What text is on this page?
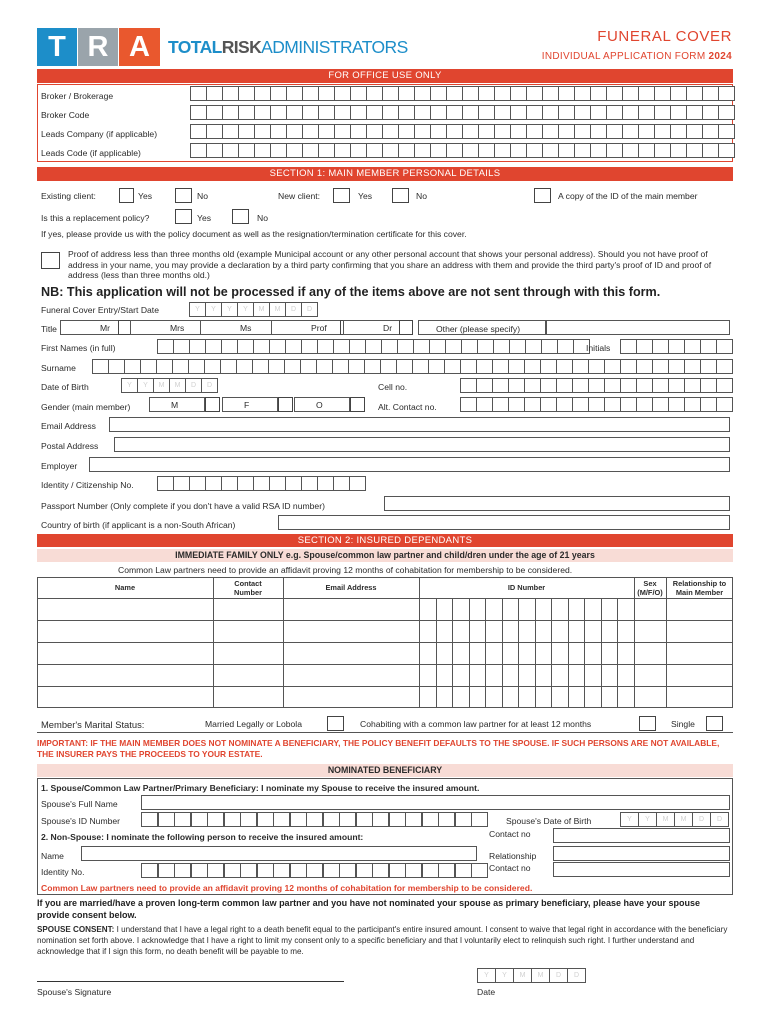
T R A	TOTALRISKADMINISTRATORS
FUNERAL COVER
INDIVIDUAL APPLICATION FORM 2024
FOR OFFICE USE ONLY
Broker / Brokerage
Broker Code
Leads Company (if applicable)
Leads Code (if applicable)
SECTION 1: MAIN MEMBER PERSONAL DETAILS
Existing client:	Yes	No	New client:	Yes	No	A copy of the ID of the main member
Is this a replacement policy?	Yes	No
If yes, please provide us with the policy document as well as the resignation/termination certificate for this cover.
Proof of address less than three months old (example Municipal account or any other personal account that shows your personal address). Should you not have proof of address in your name, you may provide a declaration by a third party confirming that you share an address with them and provide the third party's proof of ID and proof of address (less than three months old.)
NB: This application will not be processed if any of the items above are not sent through with this form.
Funeral Cover Entry/Start Date	Y	Y	Y	Y	M	M	D	D
Title	Mr	Mrs	Ms	Prof	Dr	Other (please specify)
First Names (in full)	Initials
Surname
Date of Birth	Y	Y	M	M	D	D	Cell no.
Gender (main member)	M	F	O	Alt. Contact no.
Email Address
Postal Address
Employer
Identity / Citizenship No.
Passport Number (Only complete if you don't have a valid RSA ID number)
Country of birth (if applicant is a non-South African)
SECTION 2: INSURED DEPENDANTS
IMMEDIATE FAMILY ONLY e.g. Spouse/common law partner and child/dren under the age of 21 years
Common Law partners need to provide an affidavit proving 12 months of cohabitation for membership to be considered.
Name	Contact
Number
Email Address	ID Number	Sex
(M/F/O)
Relationship to
Main Member
Member's Marital Status:	Married Legally or Lobola	Cohabiting with a common law partner for at least 12 months	Single
IMPORTANT: IF THE MAIN MEMBER DOES NOT NOMINATE A BENEFICIARY, THE POLICY BENEFIT DEFAULTS TO THE SPOUSE. IF SUCH PERSONS ARE NOT AVAILABLE, THE INSURER PAYS THE PROCEEDS TO YOUR ESTATE.
NOMINATED BENEFICIARY
1. Spouse/Common Law Partner/Primary Beneficiary: I nominate my Spouse to receive the insured amount.
Spouse's Full Name
Spouse's ID Number	Spouse's Date of Birth
2. Non-Spouse: I nominate the following person to receive the insured amount:	Contact no
Name	Relationship
Identity No.	Contact no
Common Law partners need to provide an affidavit proving 12 months of cohabitation for membership to be considered.
Y	Y	M	M	D	D
If you are married/have a proven long-term common law partner and you have not nominated your spouse as primary beneficiary, please have your spouse provide consent below.
SPOUSE CONSENT: I understand that I have a legal right to a death benefit equal to the participant's entire insured amount. I consent to waive that legal right in accordance with the beneficiary nomination set forth above. I acknowledge that I have a right to limit my consent only to a specific beneficiary and that I voluntarily elect to relinquish such right. I further understand and acknowledge that if I sign this form, no death benefit will be payable to me.
Spouse's Signature	Date
Y	Y	M	M	D	D
